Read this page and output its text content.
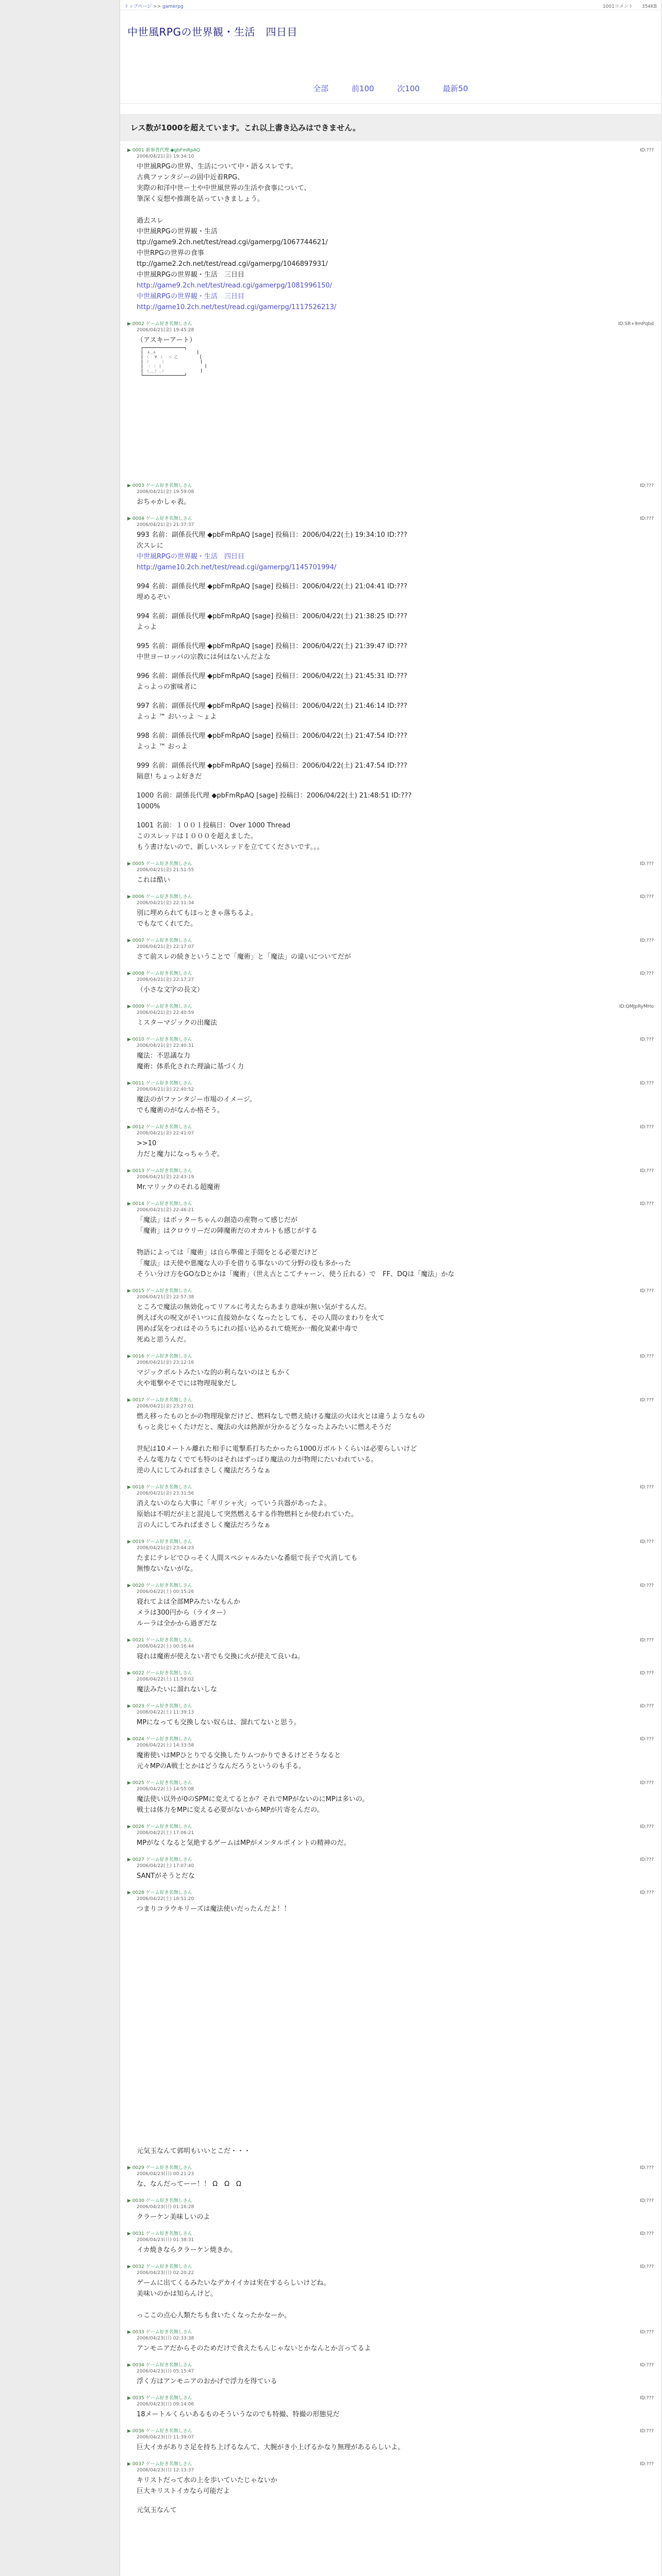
トップページ >> gamerpg	1001コメント 354KB
中世風RPGの世界観・生活　四日目
全部	前100	次100	最新50
レス数が1000を超えています。これ以上書き込みはできません。
▶ 0001 新参者代理 ◆gbFmRpAQ	ID:???
2006/04/21(金) 19:34:10
中世風RPGの世界、生活について中・語るスレです。
古典ファンタジーの固中近着RPG、
実際の和洋中世ー土や中世風世界の生活や食事について、
筆深く妄想や推測を話っていきましょう。

過去スレ
中世風RPGの世界観・生活
ttp://game9.2ch.net/test/read.cgi/gamerpg/1067744621/
中世RPGの世界の食事
ttp://game2.2ch.net/test/read.cgi/gamerpg/1046897931/
中世風RPGの世界観・生活　三日目
http://game9.2ch.net/test/read.cgi/gamerpg/1081996150/
中世風RPGの世界観・生活　三日目
http://game10.2ch.net/test/read.cgi/gamerpg/1117526213/
▶ 0002 ゲーム好き名無しさん	ID:SR+9mPqbd
2006/04/21(金) 19:45:28
（アスキーアート）
┏━━━━━━━━━━━━━━━━━━━┓
┃  ∧＿∧                   ┃
┃ （　´∀｀）  ＜ 乙          ┃
┃ （　　　 ）                ┃
┃  ｜ ｜ |                    ┃
┃ （＿_）＿）                ┃
┗━━━━━━━━━━━━━━━━━━━┛
▶ 0003 ゲーム好き名無しさん	ID:???
2006/04/21(金) 19:59:08
おちゃかしゃ表。
▶ 0004 ゲーム好き名無しさん	ID:???
2006/04/21(金) 21:37:37
993 名前：副係長代理 ◆pbFmRpAQ [sage] 投稿日：2006/04/22(土) 19:34:10 ID:???
次スレに
中世風RPGの世界観・生活　四日目
http://game10.2ch.net/test/read.cgi/gamerpg/1145701994/
994 名前：副係長代理 ◆pbFmRpAQ [sage] 投稿日：2006/04/22(土) 21:04:41 ID:???
埋めるぞい
994 名前：副係長代理 ◆pbFmRpAQ [sage] 投稿日：2006/04/22(土) 21:38:25 ID:???
よっよ
995 名前：副係長代理 ◆pbFmRpAQ [sage] 投稿日：2006/04/22(土) 21:39:47 ID:???
中世ヨーロッパの宗教には何はないんだよな
996 名前：副係長代理 ◆pbFmRpAQ [sage] 投稿日：2006/04/22(土) 21:45:31 ID:???
よっよっの蜜味者に
997 名前：副係長代理 ◆pbFmRpAQ [sage] 投稿日：2006/04/22(土) 21:46:14 ID:???
よっよ ™ おいっよ ～ょよ
998 名前：副係長代理 ◆pbFmRpAQ [sage] 投稿日：2006/04/22(土) 21:47:54 ID:???
よっよ ™ おっよ
999 名前：副係長代理 ◆pbFmRpAQ [sage] 投稿日：2006/04/22(土) 21:47:54 ID:???
隔意! ちょっよ好きだ
1000 名前：副係長代理 ◆pbFmRpAQ [sage] 投稿日：2006/04/22(土) 21:48:51 ID:???
1000%
1001 名前：１００１投稿日：Over 1000 Thread
このスレッドは１０００を超えました。
もう書けないので、新しいスレッドを立ててくださいです。。。
▶ 0005 ゲーム好き名無しさん	ID:???
2006/04/21(金) 21:51:55
これは酷い
▶ 0006 ゲーム好き名無しさん	ID:???
2006/04/21(金) 22:11:34
別に埋められてもほっときゃ落ちるよ。
でもなてくれてた。
▶ 0007 ゲーム好き名無しさん	ID:???
2006/04/21(金) 22:17:07
さて前スレの続きということで「魔術」と「魔法」の違いについてだが
▶ 0008 ゲーム好き名無しさん	ID:???
2006/04/21(金) 22:17:27
（小さな文字の長文）
▶ 0009 ゲーム好き名無しさん	ID:QMJpRyMHo
2006/04/21(金) 22:40:59
ミスターマジックの出魔法
▶ 0010 ゲーム好き名無しさん	ID:???
2006/04/21(金) 22:40:31
魔法：不思議な力
魔術：体系化された理論に基づく力
▶ 0011 ゲーム好き名無しさん	ID:???
2006/04/21(金) 22:40:52
魔法のがファンタジー市場のイメージ。
でも魔術のがなんか格そう。
▶ 0012 ゲーム好き名無しさん	ID:???
2006/04/21(金) 22:41:07
>>10
力だと魔力になっちゃうぞ。
▶ 0013 ゲーム好き名無しさん	ID:???
2006/04/21(金) 22:43:19
Mr.マリックのそれる超魔術
▶ 0014 ゲーム好き名無しさん	ID:???
2006/04/21(金) 22:46:21
「魔法」はポッターちゃんの創造の産物って感じだが
「魔術」はクロウリーだの陣魔術だのオカルトも感じがする

物語によっては「魔術」は自ら準備と手間をとる必要だけど
「魔法」は天使や悪魔な人の手を借りる事ないのて分野の役も多かった
そうい分け方をGOなDとかは「魔術」（世え古とこてチャーン、使う丘れる）で　FF、DQは「魔法」かな
▶ 0015 ゲーム好き名無しさん	ID:???
2006/04/21(金) 22:57:38
ところで魔法の無効化ってリアルに考えたらあまり意味が無い気がするんだ。
例えば火の呪文がそいつに直接効かなくなったとしても、その人間のまわりを火て
囲めば気をつれはそのうちにれの揺い込めるれて焼死か一酸化炭素中毒で
死ぬと思うんだ。
▶ 0016 ゲーム好き名無しさん	ID:???
2006/04/21(金) 23:12:16
マジックボルトみたいな的の利らないのはともかく
火や電撃やそでには物理現象だし
▶ 0017 ゲーム好き名無しさん	ID:???
2006/04/21(金) 23:27:01
燃え移ったものとかの物理現象だけど、燃料なしで燃え続ける魔法の火は火とは違うようなもの
もっと炎じゃくたけだと、魔法の火は熱源が分かるどうなったよみたいに燃えそうだ

世紀は10メートル離れた相手に電撃系打ちたかったら1000万ボルトくらいは必要らしいけど
そんな電力なくでても特のはそれはずっぱり魔法の力が物理にたいわれている。
逆の人にしてみればまさしく魔法だろうなぁ
▶ 0018 ゲーム好き名無しさん	ID:???
2006/04/21(金) 23:31:56
消えないのなら大事に「ギリシャ火」っていう兵器があったよ。
原始は不明だが主と混沌して突然燃えるする作物燃料とか使われていた。
言の人にしてみればまさしく魔法だろうなぁ
▶ 0019 ゲーム好き名無しさん	ID:???
2006/04/21(金) 23:44:23
たまにテレビでひっそく人間スペシャルみたいな番組で長子で火消しても
無惨ないないがな。
▶ 0020 ゲーム好き名無しさん	ID:???
2006/04/22(土) 00:15:26
寝れてよは全部MPみたいなもんか
メラは300円から（ライター）
ルーラは全かから過ぎだな
▶ 0021 ゲーム好き名無しさん	ID:???
2006/04/22(土) 00:16:44
寝れは魔術が使えない者でも交換に火が使えて良いね。
▶ 0022 ゲーム好き名無しさん	ID:???
2006/04/22(土) 11:59:02
魔法みたいに溜れないしな
▶ 0023 ゲーム好き名無しさん	ID:???
2006/04/22(土) 11:39:13
MPになっても交換しない奴らは、溜れてないと思う。
▶ 0024 ゲーム好き名無しさん	ID:???
2006/04/22(土) 14:33:58
魔術使いはMPひとりでる交換したりムつかりできるけどそうなると
元々MPのA戦士とかはどうなんだろうというのも手る。
▶ 0025 ゲーム好き名無しさん	ID:???
2006/04/22(土) 14:55:08
魔法使い以外が0のSPMに変えてるとか？それでMPがないのにMPは多いの。
戦士は体力をMPに変える必要がないからMPが片寄をんだの。
▶ 0026 ゲーム好き名無しさん	ID:???
2006/04/22(土) 17:06:21
MPがなくなると気絶するゲームはMPがメンタルポイントの精神のだ。
▶ 0027 ゲーム好き名無しさん	ID:???
2006/04/22(土) 17:07:40
SANTがそうとだな
▶ 0028 ゲーム好き名無しさん	ID:???
2006/04/22(土) 18:51:20
つまりコラウキリーズは魔法使いだったんだよ！！
元気玉なんて郭明もいいとこだ・・・
▶ 0029 ゲーム好き名無しさん	ID:???
2006/04/23(日) 00:21:23
な、なんだってーー！！ Ω　Ω　Ω
▶ 0030 ゲーム好き名無しさん	ID:???
2006/04/23(日) 01:16:28
クラーケン美味しいのよ
▶ 0031 ゲーム好き名無しさん	ID:???
2006/04/23(日) 01:38:31
イカ焼きならクラーケン焼きか。
▶ 0032 ゲーム好き名無しさん	ID:???
2006/04/23(日) 02:20:22
ゲームに出てくるみたいなデカイイカは実在するらしいけどね。
美味いのかは知らんけど。

っここの点心人類たちも食いたくなったかなーか。
▶ 0033 ゲーム好き名無しさん	ID:???
2006/04/23(日) 02:33:38
アンモニアだからそのためだけで食えたもんじゃないとかなんとか言ってるよ
▶ 0034 ゲーム好き名無しさん	ID:???
2006/04/23(日) 05:15:47
浮く方はアンモニアのおかげで浮力を得ている
▶ 0035 ゲーム好き名無しさん	ID:???
2006/04/23(日) 09:14:06
18メートルくらいあるものそういうなのでも特撮、特撮の形態見だ
▶ 0036 ゲーム好き名無しさん	ID:???
2006/04/23(日) 11:39:07
巨大イカがありさ足を持ち上げるなんて、大腕がき小上げるかなり無理があるらしいよ。
▶ 0037 ゲーム好き名無しさん	ID:???
2006/04/23(日) 12:13:37
キリストだって水の上を歩いていたじゃないか
巨大キリストイカなら可能だよ
元気玉なんて
